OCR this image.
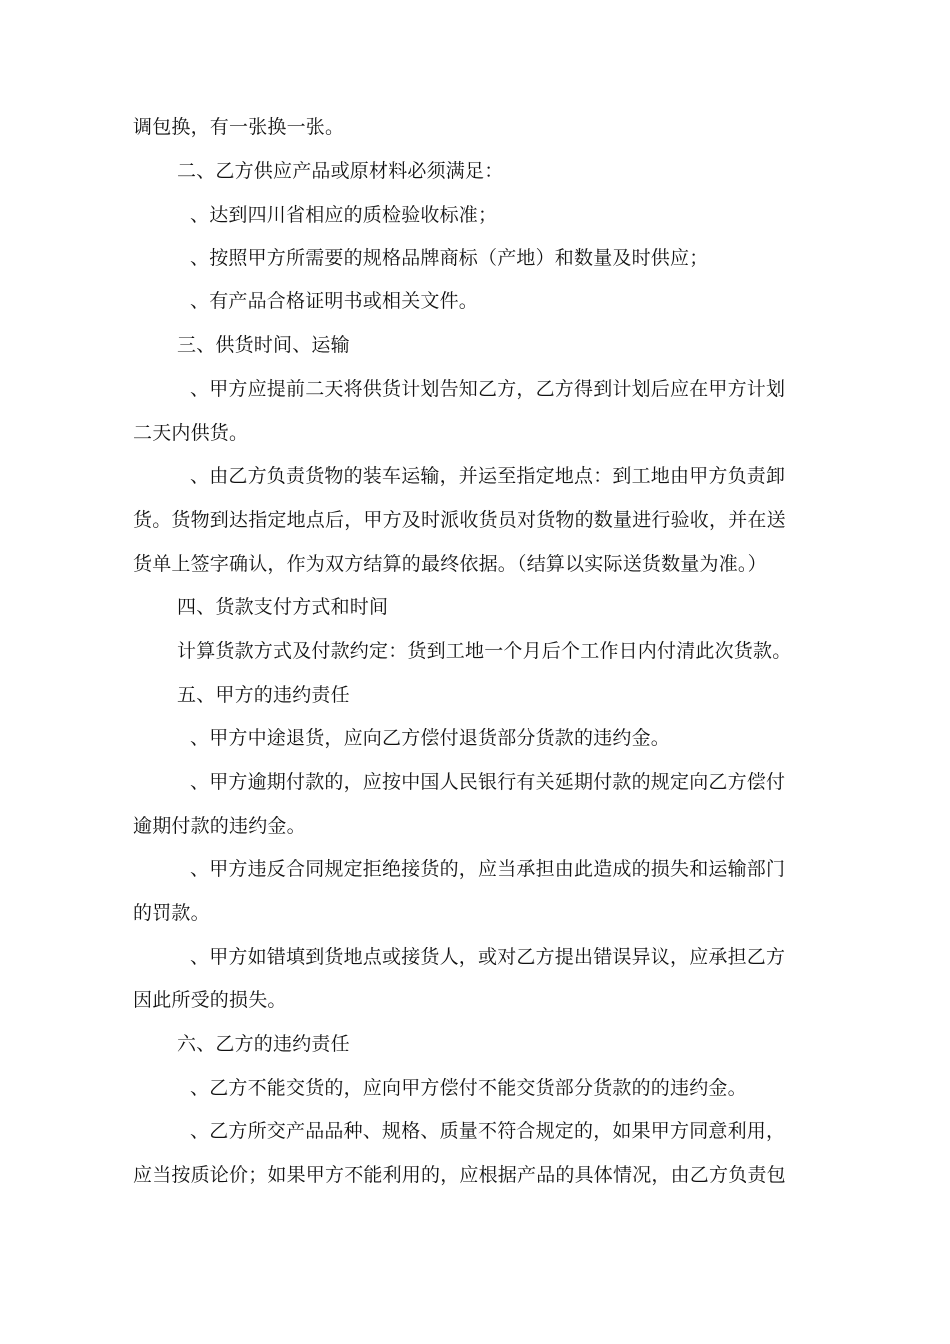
调包换，有一张换一张。
二、乙方供应产品或原材料必须满足：
、达到四川省相应的质检验收标准；
、按照甲方所需要的规格品牌商标（产地）和数量及时供应；
、有产品合格证明书或相关文件。
三、供货时间、运输
、甲方应提前二天将供货计划告知乙方，乙方得到计划后应在甲方计划
二天内供货。
、由乙方负责货物的装车运输，并运至指定地点：到工地由甲方负责卸
货。货物到达指定地点后，甲方及时派收货员对货物的数量进行验收，并在送
货单上签字确认，作为双方结算的最终依据。（结算以实际送货数量为准。）
四、货款支付方式和时间
计算货款方式及付款约定：货到工地一个月后个工作日内付清此次货款。
五、甲方的违约责任
、甲方中途退货，应向乙方偿付退货部分货款的违约金。
、甲方逾期付款的，应按中国人民银行有关延期付款的规定向乙方偿付
逾期付款的违约金。
、甲方违反合同规定拒绝接货的，应当承担由此造成的损失和运输部门
的罚款。
、甲方如错填到货地点或接货人，或对乙方提出错误异议，应承担乙方
因此所受的损失。
六、乙方的违约责任
、乙方不能交货的，应向甲方偿付不能交货部分货款的的违约金。
、乙方所交产品品种、规格、质量不符合规定的，如果甲方同意利用，
应当按质论价；如果甲方不能利用的，应根据产品的具体情况，由乙方负责包
